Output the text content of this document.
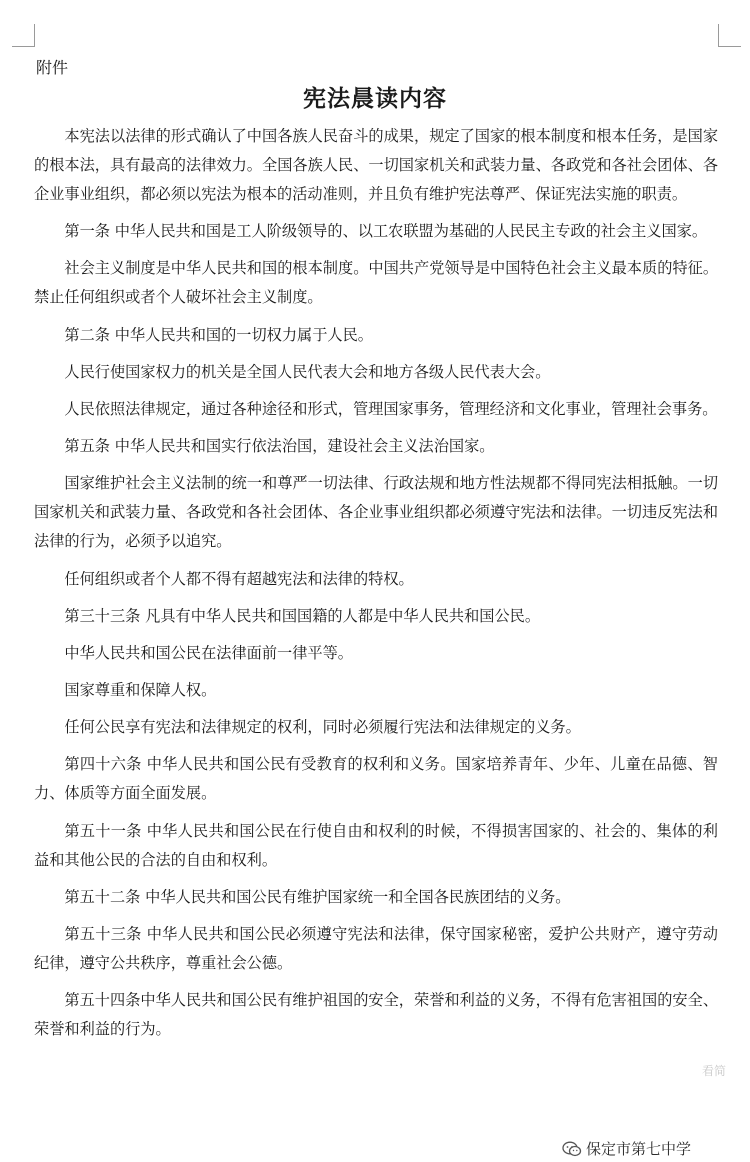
附件
宪法晨读内容

本宪法以法律的形式确认了中国各族人民奋斗的成果，规定了国家的根本制度和根本任务，是国家的根本法，具有最高的法律效力。全国各族人民、一切国家机关和武装力量、各政党和各社会团体、各企业事业组织，都必须以宪法为根本的活动准则，并且负有维护宪法尊严、保证宪法实施的职责。

第一条 中华人民共和国是工人阶级领导的、以工农联盟为基础的人民民主专政的社会主义国家。

社会主义制度是中华人民共和国的根本制度。中国共产党领导是中国特色社会主义最本质的特征。禁止任何组织或者个人破坏社会主义制度。

第二条 中华人民共和国的一切权力属于人民。

人民行使国家权力的机关是全国人民代表大会和地方各级人民代表大会。

人民依照法律规定，通过各种途径和形式，管理国家事务，管理经济和文化事业，管理社会事务。

第五条 中华人民共和国实行依法治国，建设社会主义法治国家。

国家维护社会主义法制的统一和尊严一切法律、行政法规和地方性法规都不得同宪法相抵触。一切国家机关和武装力量、各政党和各社会团体、各企业事业组织都必须遵守宪法和法律。一切违反宪法和法律的行为，必须予以追究。

任何组织或者个人都不得有超越宪法和法律的特权。

第三十三条 凡具有中华人民共和国国籍的人都是中华人民共和国公民。

中华人民共和国公民在法律面前一律平等。

国家尊重和保障人权。

任何公民享有宪法和法律规定的权利，同时必须履行宪法和法律规定的义务。

第四十六条 中华人民共和国公民有受教育的权利和义务。国家培养青年、少年、儿童在品德、智力、体质等方面全面发展。

第五十一条 中华人民共和国公民在行使自由和权利的时候，不得损害国家的、社会的、集体的利益和其他公民的合法的自由和权利。

第五十二条 中华人民共和国公民有维护国家统一和全国各民族团结的义务。

第五十三条 中华人民共和国公民必须遵守宪法和法律，保守国家秘密，爱护公共财产，遵守劳动纪律，遵守公共秩序，尊重社会公德。

第五十四条中华人民共和国公民有维护祖国的安全，荣誉和利益的义务，不得有危害祖国的安全、荣誉和利益的行为。

看简
保定市第七中学
